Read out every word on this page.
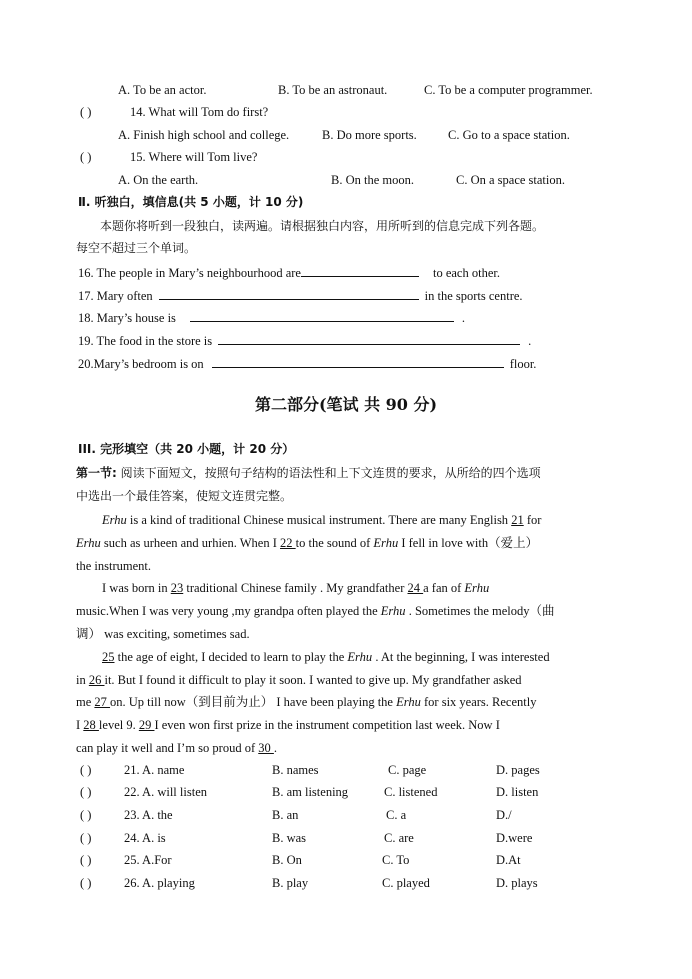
A. To be an actor.	B. To be an astronaut.	C. To be a computer programmer.
( )	14. What will Tom do first?
A. Finish high school and college.	B. Do more sports. C. Go to a space station.
( )	15. Where will Tom live?
A. On the earth.	B. On the moon.	C. On a space station.
Ⅱ. 听独白，填信息(共 5 小题，计 10 分)
本题你将听到一段独白，读两遍。请根据独白内容，用所听到的信息完成下列各题。
每空不超过三个单词。
16. The people in Mary’s neighbourhood are	to each other.
17. Mary often	in the sports centre.
18. Mary’s house is	.
19. The food in the store is	.
20.Mary’s bedroom is on	floor.
第二部分(笔试 共 90 分)
III. 完形填空（共 20 小题，计 20 分）
第一节: 阅读下面短文，按照句子结构的语法性和上下文连贯的要求，从所给的四个选项
中选出一个最佳答案，使短文连贯完整。
Erhu is a kind of traditional Chinese musical instrument. There are many English 21 for
Erhu such as urheen and urhien. When I 22 to the sound of Erhu I fell in love with（爱上）
the instrument.
I was born in 23 traditional Chinese family . My grandfather 24 a fan of Erhu
music.When I was very young ,my grandpa often played the Erhu . Sometimes the melody（曲
调） was exciting, sometimes sad.
25 the age of eight, I decided to learn to play the Erhu . At the beginning, I was interested
in 26 it. But I found it difficult to play it soon. I wanted to give up. My grandfather asked
me 27 on. Up till now（到目前为止） I have been playing the Erhu for six years. Recently
I 28 level 9. 29 I even won first prize in the instrument competition last week. Now I
can play it well and I’m so proud of 30 .
( )	21. A. name	B. names	C. page	D. pages
( )	22. A. will listen	B. am listening	C. listened	D. listen
( )	23. A. the	B. an	C. a	D./
( )	24. A. is	B. was	C. are	D.were
( )	25. A.For	B. On	C. To	D.At
( )	26. A. playing	B. play	C. played	D. plays
